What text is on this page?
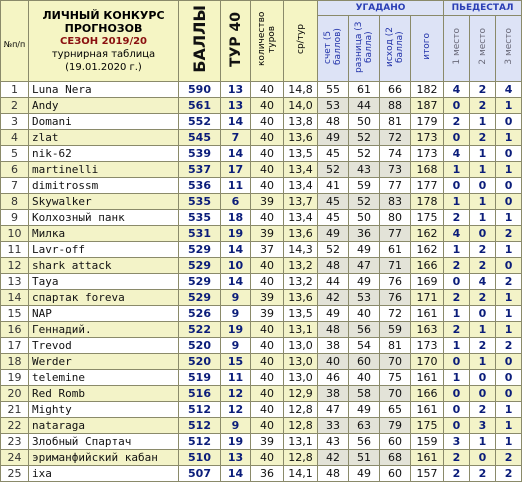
№п/п	ЛИЧНЫЙ КОНКУРС
ПРОГНОЗОВ
СЕЗОН 2019/20
турнирная таблица
(19.01.2020 г.)	БАЛЛЫ	ТУР 40	количество туров	ср/тур	УГАДАНО				ПЬЕДЕСТАЛ		
						счет (5 баллов)	разница (3 балла)	исход (2 балла)	итого	1 место	2 место	3 место
1	Luna Nera	590	13	40	14,8	55	61	66	182	4	2	4
2	Andy	561	13	40	14,0	53	44	88	187	0	2	1
3	Domani	552	14	40	13,8	48	50	81	179	2	1	0
4	zlat	545	7	40	13,6	49	52	72	173	0	2	1
5	nik-62	539	14	40	13,5	45	52	74	173	4	1	0
6	martinelli	537	17	40	13,4	52	43	73	168	1	1	1
7	dimitrossm	536	11	40	13,4	41	59	77	177	0	0	0
8	Skywalker	535	6	39	13,7	45	52	83	178	1	1	0
9	Колхозный панк	535	18	40	13,4	45	50	80	175	2	1	1
10	Милка	531	19	39	13,6	49	36	77	162	4	0	2
11	Lavr-off	529	14	37	14,3	52	49	61	162	1	2	1
12	shark attack	529	10	40	13,2	48	47	71	166	2	2	0
13	Taya	529	14	40	13,2	44	49	76	169	0	4	2
14	спартак foreva	529	9	39	13,6	42	53	76	171	2	2	1
15	NAP	526	9	39	13,5	49	40	72	161	1	0	1
16	Геннадий.	522	19	40	13,1	48	56	59	163	2	1	1
17	Trevod	520	9	40	13,0	38	54	81	173	1	2	2
18	Werder	520	15	40	13,0	40	60	70	170	0	1	0
19	telemine	519	11	40	13,0	46	40	75	161	1	0	0
20	Red Romb	516	12	40	12,9	38	58	70	166	0	0	0
21	Mighty	512	12	40	12,8	47	49	65	161	0	2	1
22	nataraga	512	9	40	12,8	33	63	79	175	0	3	1
23	Злобный Спартач	512	19	39	13,1	43	56	60	159	3	1	1
24	эриманфийский кабан	510	13	40	12,8	42	51	68	161	2	0	2
25	ixa	507	14	36	14,1	48	49	60	157	2	2	2
